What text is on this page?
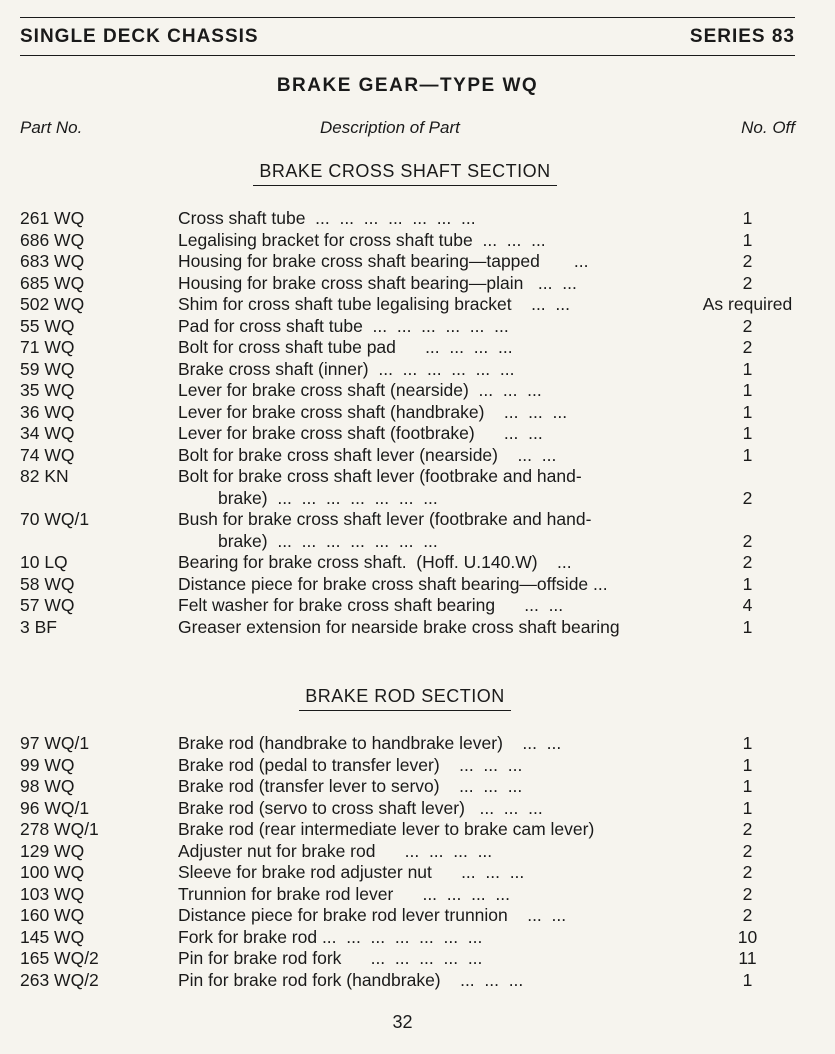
SINGLE DECK CHASSIS	SERIES 83
BRAKE GEAR—TYPE WQ
Part No.	Description of Part	No. Off
BRAKE CROSS SHAFT SECTION
261 WQ	Cross shaft tube  ...  ...  ...  ...  ...  ...  ...	1
686 WQ	Legalising bracket for cross shaft tube  ...  ...  ...	1
683 WQ	Housing for brake cross shaft bearing—tapped       ...	2
685 WQ	Housing for brake cross shaft bearing—plain   ...  ...	2
502 WQ	Shim for cross shaft tube legalising bracket    ...  ...	As required
55 WQ	Pad for cross shaft tube  ...  ...  ...  ...  ...  ...	2
71 WQ	Bolt for cross shaft tube pad      ...  ...  ...  ...	2
59 WQ	Brake cross shaft (inner)  ...  ...  ...  ...  ...  ...	1
35 WQ	Lever for brake cross shaft (nearside)  ...  ...  ...	1
36 WQ	Lever for brake cross shaft (handbrake)    ...  ...  ...	1
34 WQ	Lever for brake cross shaft (footbrake)      ...  ...	1
74 WQ	Bolt for brake cross shaft lever (nearside)    ...  ...	1
82 KN	Bolt for brake cross shaft lever (footbrake and hand-
brake)  ...  ...  ...  ...  ...  ...  ...	2
70 WQ/1	Bush for brake cross shaft lever (footbrake and hand-
brake)  ...  ...  ...  ...  ...  ...  ...	2
10 LQ	Bearing for brake cross shaft.  (Hoff. U.140.W)    ...	2
58 WQ	Distance piece for brake cross shaft bearing—offside ...	1
57 WQ	Felt washer for brake cross shaft bearing      ...  ...	4
3 BF	Greaser extension for nearside brake cross shaft bearing	1
BRAKE ROD SECTION
97 WQ/1	Brake rod (handbrake to handbrake lever)    ...  ...	1
99 WQ	Brake rod (pedal to transfer lever)    ...  ...  ...	1
98 WQ	Brake rod (transfer lever to servo)    ...  ...  ...	1
96 WQ/1	Brake rod (servo to cross shaft lever)   ...  ...  ...	1
278 WQ/1	Brake rod (rear intermediate lever to brake cam lever)	2
129 WQ	Adjuster nut for brake rod      ...  ...  ...  ...	2
100 WQ	Sleeve for brake rod adjuster nut      ...  ...  ...	2
103 WQ	Trunnion for brake rod lever      ...  ...  ...  ...	2
160 WQ	Distance piece for brake rod lever trunnion    ...  ...	2
145 WQ	Fork for brake rod ...  ...  ...  ...  ...  ...  ...	10
165 WQ/2	Pin for brake rod fork      ...  ...  ...  ...  ...	11
263 WQ/2	Pin for brake rod fork (handbrake)    ...  ...  ...	1
32
